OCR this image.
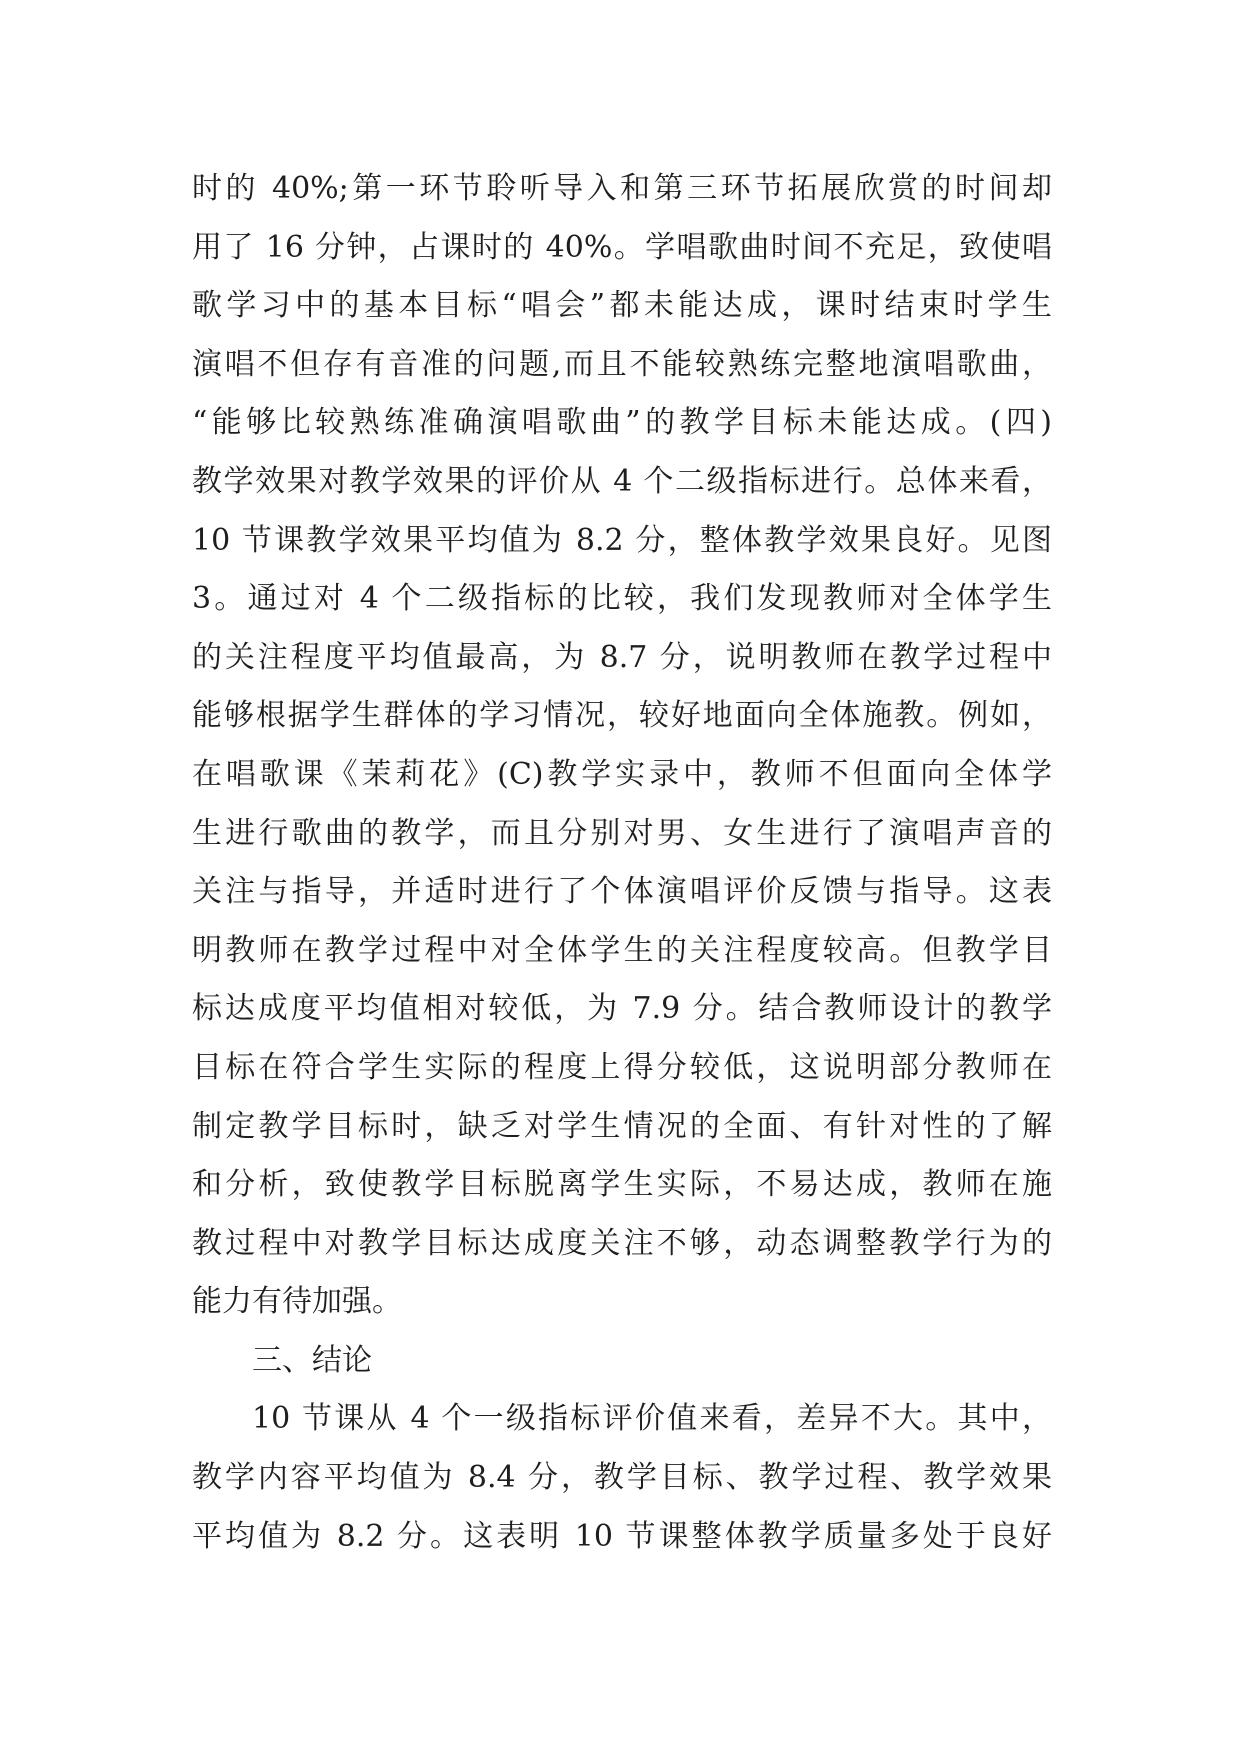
时的 40%;第一环节聆听导入和第三环节拓展欣赏的时间却
用了 16 分钟，占课时的 40%。学唱歌曲时间不充足，致使唱
歌学习中的基本目标“唱会”都未能达成，课时结束时学生
演唱不但存有音准的问题,而且不能较熟练完整地演唱歌曲，
“能够比较熟练准确演唱歌曲”的教学目标未能达成。(四)
教学效果对教学效果的评价从 4 个二级指标进行。总体来看，
10 节课教学效果平均值为 8.2 分，整体教学效果良好。见图
3。通过对 4 个二级指标的比较，我们发现教师对全体学生
的关注程度平均值最高，为 8.7 分，说明教师在教学过程中
能够根据学生群体的学习情况，较好地面向全体施教。例如，
在唱歌课《茉莉花》(C)教学实录中，教师不但面向全体学
生进行歌曲的教学，而且分别对男、女生进行了演唱声音的
关注与指导，并适时进行了个体演唱评价反馈与指导。这表
明教师在教学过程中对全体学生的关注程度较高。但教学目
标达成度平均值相对较低，为 7.9 分。结合教师设计的教学
目标在符合学生实际的程度上得分较低，这说明部分教师在
制定教学目标时，缺乏对学生情况的全面、有针对性的了解
和分析，致使教学目标脱离学生实际，不易达成，教师在施
教过程中对教学目标达成度关注不够，动态调整教学行为的
能力有待加强。
三、结论
10 节课从 4 个一级指标评价值来看，差异不大。其中，
教学内容平均值为 8.4 分，教学目标、教学过程、教学效果
平均值为 8.2 分。这表明 10 节课整体教学质量多处于良好
